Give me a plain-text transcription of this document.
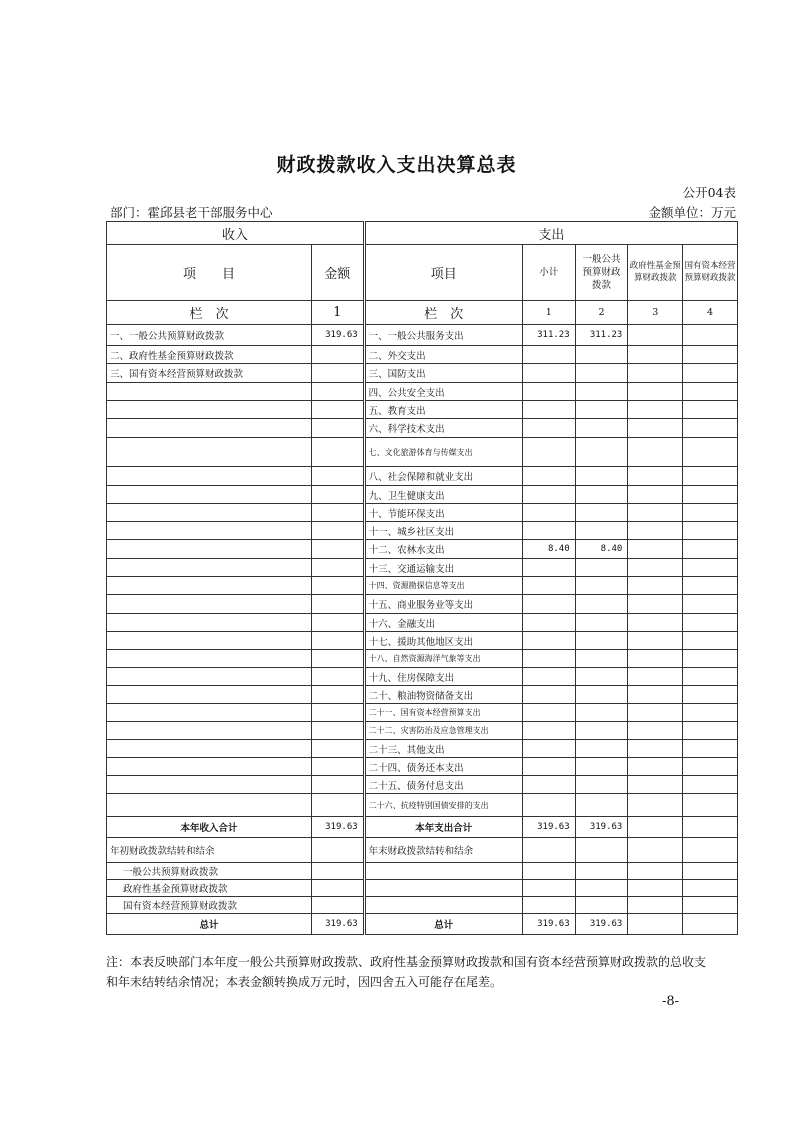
财政拨款收入支出决算总表
公开04表
部门：霍邱县老干部服务中心	金额单位：万元
收入		支出				
项　　目	金额	项目	小计	一般公共预算财政拨款	政府性基金预算财政拨款	国有资本经营预算财政拨款
栏　次	1	栏　次	1	2	3	4
一、一般公共预算财政拨款	319.63	一、一般公共服务支出	311.23	311.23		
二、政府性基金预算财政拨款		二、外交支出				
三、国有资本经营预算财政拨款		三、国防支出				
		四、公共安全支出				
		五、教育支出				
		六、科学技术支出				
		七、文化旅游体育与传媒支出				
		八、社会保障和就业支出				
		九、卫生健康支出				
		十、节能环保支出				
		十一、城乡社区支出				
		十二、农林水支出	8.40	8.40		
		十三、交通运输支出				
		十四、资源勘探信息等支出				
		十五、商业服务业等支出				
		十六、金融支出				
		十七、援助其他地区支出				
		十八、自然资源海洋气象等支出				
		十九、住房保障支出				
		二十、粮油物资储备支出				
		二十一、国有资本经营预算支出				
		二十二、灾害防治及应急管理支出				
		二十三、其他支出				
		二十四、债务还本支出				
		二十五、债务付息支出				
		二十六、抗疫特别国债安排的支出				
本年收入合计	319.63	本年支出合计	319.63	319.63		
年初财政拨款结转和结余		年末财政拨款结转和结余				
一般公共预算财政拨款						
政府性基金预算财政拨款						
国有资本经营预算财政拨款						
总计	319.63	总计	319.63	319.63		
注：本表反映部门本年度一般公共预算财政拨款、政府性基金预算财政拨款和国有资本经营预算财政拨款的总收支和年末结转结余情况；本表金额转换成万元时，因四舍五入可能存在尾差。
-8-
